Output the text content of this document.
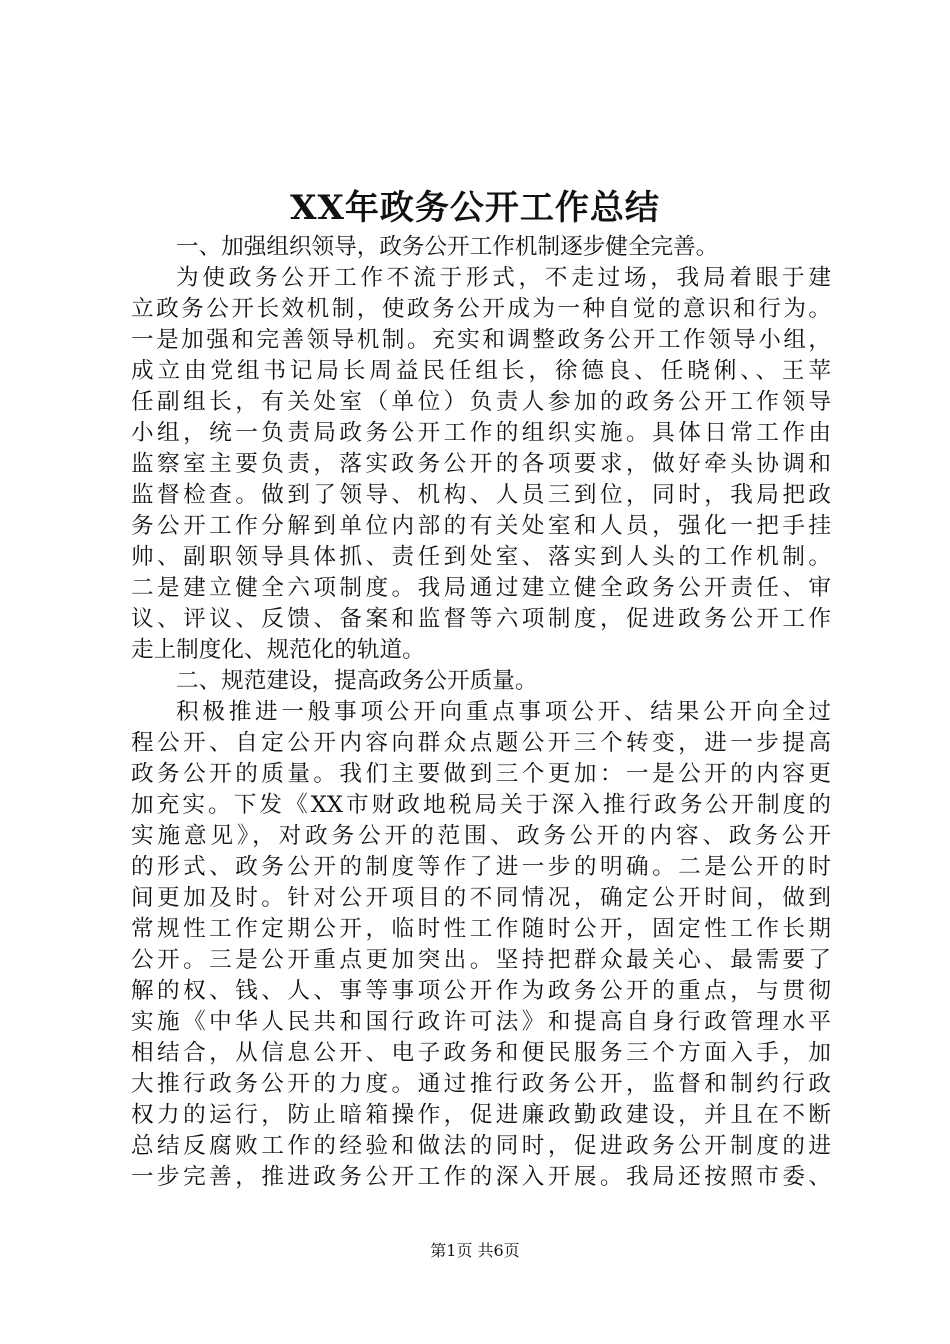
XX年政务公开工作总结
一、加强组织领导，政务公开工作机制逐步健全完善。
为使政务公开工作不流于形式，不走过场，我局着眼于建
立政务公开长效机制，使政务公开成为一种自觉的意识和行为。
一是加强和完善领导机制。充实和调整政务公开工作领导小组，
成立由党组书记局长周益民任组长，徐德良、任晓俐、、王苹
任副组长，有关处室（单位）负责人参加的政务公开工作领导
小组，统一负责局政务公开工作的组织实施。具体日常工作由
监察室主要负责，落实政务公开的各项要求，做好牵头协调和
监督检查。做到了领导、机构、人员三到位，同时，我局把政
务公开工作分解到单位内部的有关处室和人员，强化一把手挂
帅、副职领导具体抓、责任到处室、落实到人头的工作机制。
二是建立健全六项制度。我局通过建立健全政务公开责任、审
议、评议、反馈、备案和监督等六项制度，促进政务公开工作
走上制度化、规范化的轨道。
二、规范建设，提高政务公开质量。
积极推进一般事项公开向重点事项公开、结果公开向全过
程公开、自定公开内容向群众点题公开三个转变，进一步提高
政务公开的质量。我们主要做到三个更加：一是公开的内容更
加充实。下发《XX市财政地税局关于深入推行政务公开制度的
实施意见》，对政务公开的范围、政务公开的内容、政务公开
的形式、政务公开的制度等作了进一步的明确。二是公开的时
间更加及时。针对公开项目的不同情况，确定公开时间，做到
常规性工作定期公开，临时性工作随时公开，固定性工作长期
公开。三是公开重点更加突出。坚持把群众最关心、最需要了
解的权、钱、人、事等事项公开作为政务公开的重点，与贯彻
实施《中华人民共和国行政许可法》和提高自身行政管理水平
相结合，从信息公开、电子政务和便民服务三个方面入手，加
大推行政务公开的力度。通过推行政务公开，监督和制约行政
权力的运行，防止暗箱操作，促进廉政勤政建设，并且在不断
总结反腐败工作的经验和做法的同时，促进政务公开制度的进
一步完善，推进政务公开工作的深入开展。我局还按照市委、
第1页 共6页
